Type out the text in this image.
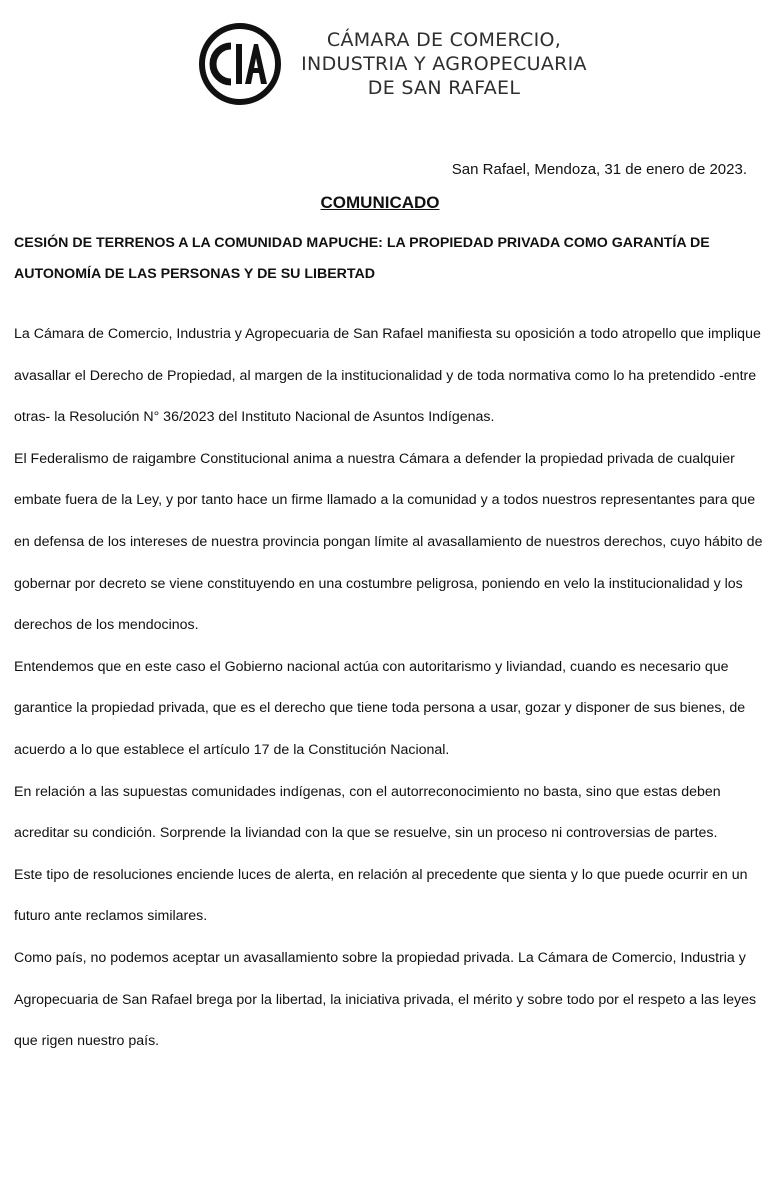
CÁMARA DE COMERCIO,
INDUSTRIA Y AGROPECUARIA
DE SAN RAFAEL
San Rafael, Mendoza, 31 de enero de 2023.
COMUNICADO
CESIÓN DE TERRENOS A LA COMUNIDAD MAPUCHE: LA PROPIEDAD PRIVADA COMO GARANTÍA DE AUTONOMÍA DE LAS PERSONAS Y DE SU LIBERTAD

La Cámara de Comercio, Industria y Agropecuaria de San Rafael manifiesta su oposición a todo atropello que implique avasallar el Derecho de Propiedad, al margen de la institucionalidad y de toda normativa como lo ha pretendido -entre otras- la Resolución N° 36/2023 del Instituto Nacional de Asuntos Indígenas.

El Federalismo de raigambre Constitucional anima a nuestra Cámara a defender la propiedad privada de cualquier embate fuera de la Ley, y por tanto hace un firme llamado a la comunidad y a todos nuestros representantes para que en defensa de los intereses de nuestra provincia pongan límite al avasallamiento de nuestros derechos, cuyo hábito de gobernar por decreto se viene constituyendo en una costumbre peligrosa, poniendo en velo la institucionalidad y los derechos de los mendocinos.

Entendemos que en este caso el Gobierno nacional actúa con autoritarismo y liviandad, cuando es necesario que garantice la propiedad privada, que es el derecho que tiene toda persona a usar, gozar y disponer de sus bienes, de acuerdo a lo que establece el artículo 17 de la Constitución Nacional.

En relación a las supuestas comunidades indígenas, con el autorreconocimiento no basta, sino que estas deben acreditar su condición. Sorprende la liviandad con la que se resuelve, sin un proceso ni controversias de partes.

Este tipo de resoluciones enciende luces de alerta, en relación al precedente que sienta y lo que puede ocurrir en un futuro ante reclamos similares.

Como país, no podemos aceptar un avasallamiento sobre la propiedad privada. La Cámara de Comercio, Industria y Agropecuaria de San Rafael brega por la libertad, la iniciativa privada, el mérito y sobre todo por el respeto a las leyes que rigen nuestro país.
